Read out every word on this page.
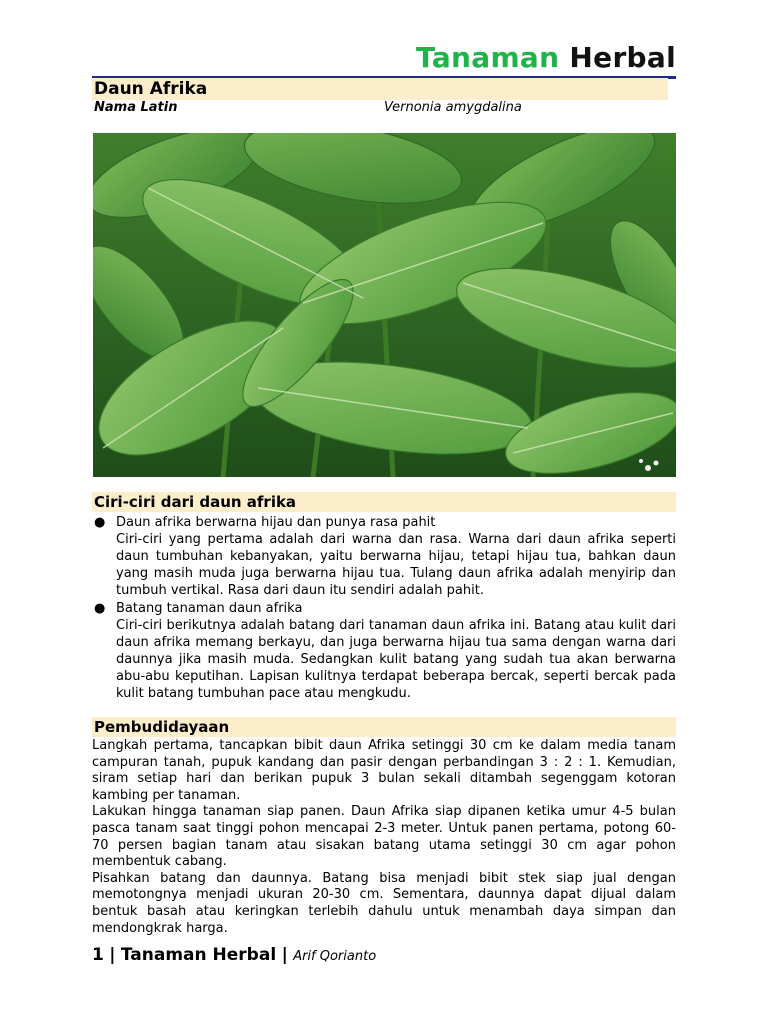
Tanaman Herbal
Daun Afrika
Nama Latin	Vernonia amygdalina
Ciri-ciri dari daun afrika
● Daun afrika berwarna hijau dan punya rasa pahit
Ciri-ciri yang pertama adalah dari warna dan rasa. Warna dari daun afrika seperti daun tumbuhan kebanyakan, yaitu berwarna hijau, tetapi hijau tua, bahkan daun yang masih muda juga berwarna hijau tua. Tulang daun afrika adalah menyirip dan tumbuh vertikal. Rasa dari daun itu sendiri adalah pahit.
● Batang tanaman daun afrika
Ciri-ciri berikutnya adalah batang dari tanaman daun afrika ini. Batang atau kulit dari daun afrika memang berkayu, dan juga berwarna hijau tua sama dengan warna dari daunnya jika masih muda. Sedangkan kulit batang yang sudah tua akan berwarna abu-abu keputihan. Lapisan kulitnya terdapat beberapa bercak, seperti bercak pada kulit batang tumbuhan pace atau mengkudu.
Pembudidayaan

Langkah pertama, tancapkan bibit daun Afrika setinggi 30 cm ke dalam media tanam campuran tanah, pupuk kandang dan pasir dengan perbandingan 3 : 2 : 1. Kemudian, siram setiap hari dan berikan pupuk 3 bulan sekali ditambah segenggam kotoran kambing per tanaman.

Lakukan hingga tanaman siap panen. Daun Afrika siap dipanen ketika umur 4-5 bulan pasca tanam saat tinggi pohon mencapai 2-3 meter. Untuk panen pertama, potong 60-70 persen bagian tanam atau sisakan batang utama setinggi 30 cm agar pohon membentuk cabang.

Pisahkan batang dan daunnya. Batang bisa menjadi bibit stek siap jual dengan memotongnya menjadi ukuran 20-30 cm. Sementara, daunnya dapat dijual dalam bentuk basah atau keringkan terlebih dahulu untuk menambah daya simpan dan mendongkrak harga.

1 | Tanaman Herbal | Arif Qorianto
